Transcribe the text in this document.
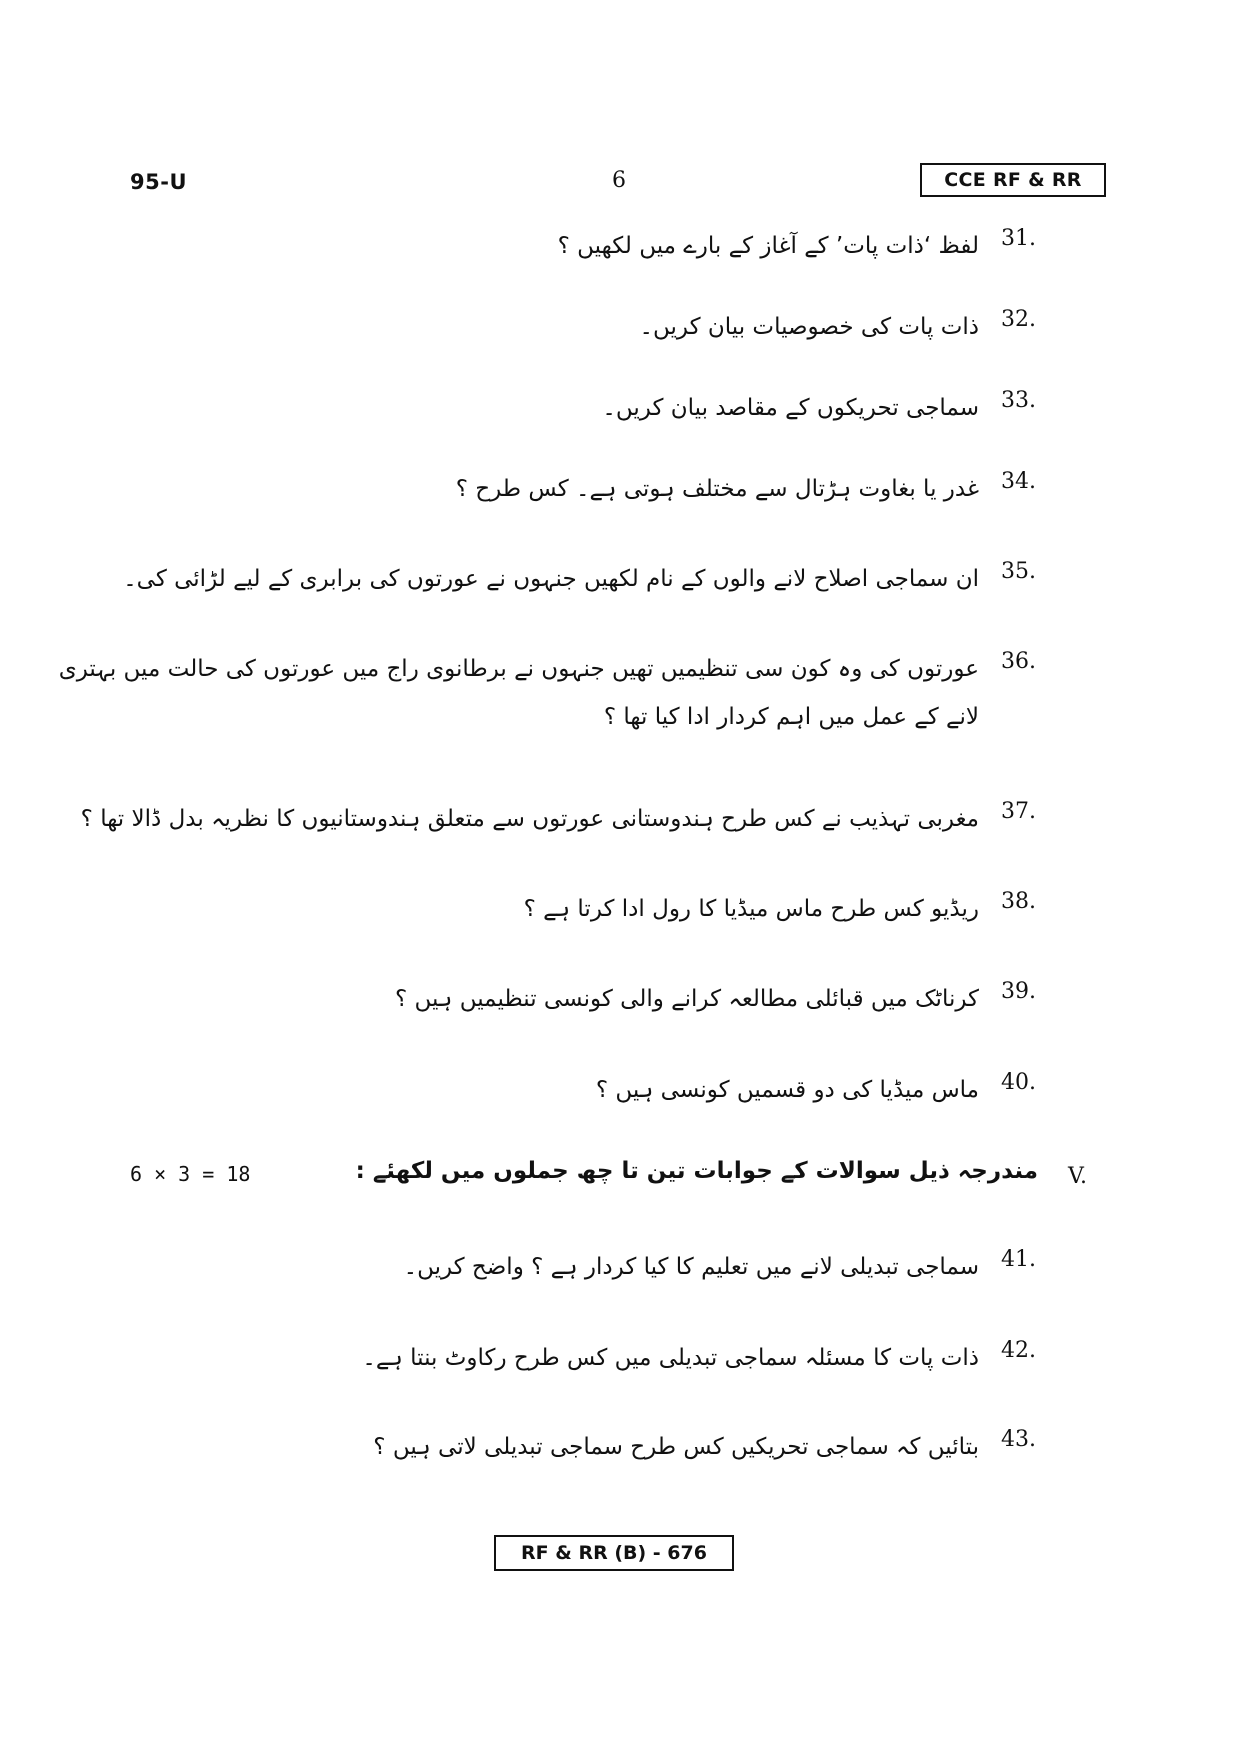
95-U	6	CCE RF & RR
31.
لفظ ‘ذات پات’ کے آغاز کے بارے میں لکھیں ؟
32.
ذات پات کی خصوصیات بیان کریں۔
33.
سماجی تحریکوں کے مقاصد بیان کریں۔
34.
غدر یا بغاوت ہڑتال سے مختلف ہوتی ہے۔ کس طرح ؟
35.
ان سماجی اصلاح لانے والوں کے نام لکھیں جنہوں نے عورتوں کی برابری کے لیے لڑائی کی۔
36.
عورتوں کی وہ کون سی تنظیمیں تھیں جنہوں نے برطانوی راج میں عورتوں کی حالت میں بہتری لانے کے عمل میں اہم کردار ادا کیا تھا ؟
37.
مغربی تہذیب نے کس طرح ہندوستانی عورتوں سے متعلق ہندوستانیوں کا نظریہ بدل ڈالا تھا ؟
38.
ریڈیو کس طرح ماس میڈیا کا رول ادا کرتا ہے ؟
39.
کرناٹک میں قبائلی مطالعہ کرانے والی کونسی تنظیمیں ہیں ؟
40.
ماس میڈیا کی دو قسمیں کونسی ہیں ؟
V.
مندرجہ ذیل سوالات کے جوابات تین تا چھ جملوں میں لکھئے :
6 × 3 = 18
41.
سماجی تبدیلی لانے میں تعلیم کا کیا کردار ہے ؟ واضح کریں۔
42.
ذات پات کا مسئلہ سماجی تبدیلی میں کس طرح رکاوٹ بنتا ہے۔
43.
بتائیں کہ سماجی تحریکیں کس طرح سماجی تبدیلی لاتی ہیں ؟
RF & RR (B) - 676
